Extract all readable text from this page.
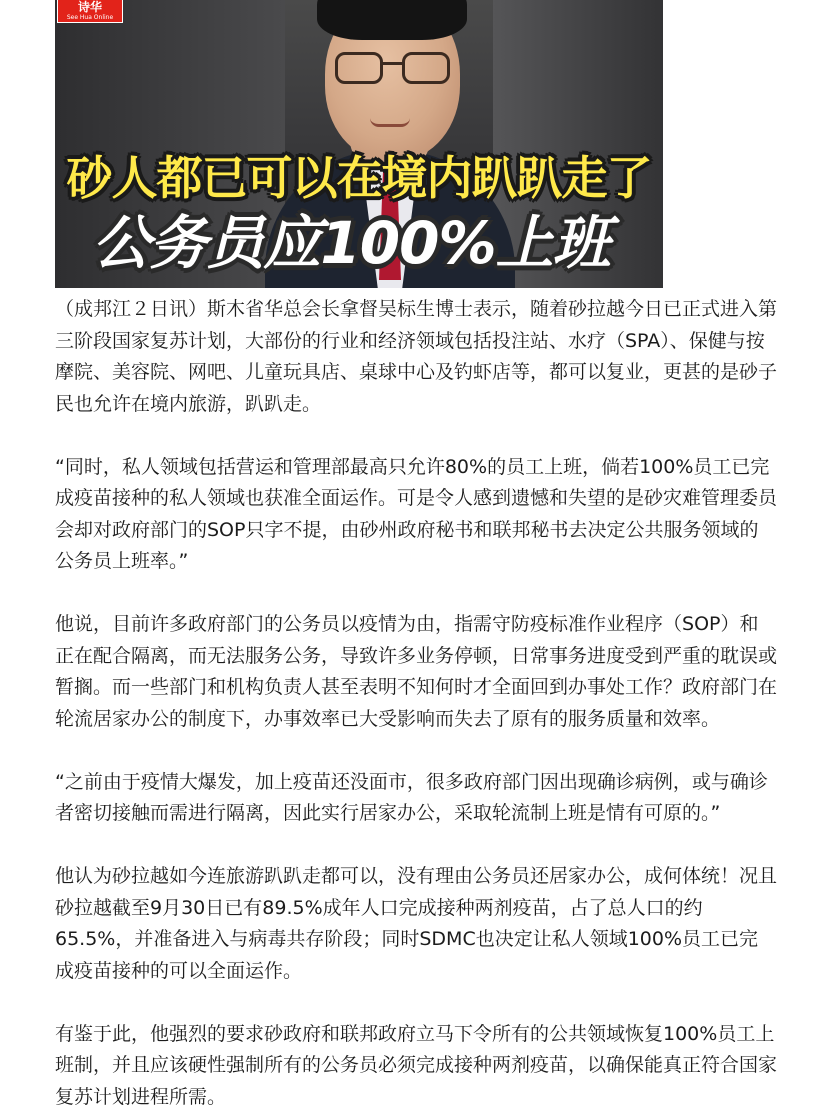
诗华
See Hua Online
砂人都已可以在境内趴趴走了
公务员应100%上班

（成邦江２日讯）斯木省华总会长拿督吴标生博士表示，随着砂拉越今日已正式进入第三阶段国家复苏计划，大部份的行业和经济领域包括投注站、水疗（SPA）、保健与按摩院、美容院、网吧、儿童玩具店、桌球中心及钓虾店等，都可以复业，更甚的是砂子民也允许在境内旅游，趴趴走。

“同时，私人领域包括营运和管理部最高只允许80%的员工上班，倘若100%员工已完成疫苗接种的私人领域也获准全面运作。可是令人感到遗憾和失望的是砂灾难管理委员会却对政府部门的SOP只字不提，由砂州政府秘书和联邦秘书去决定公共服务领域的公务员上班率。”

他说，目前许多政府部门的公务员以疫情为由，指需守防疫标准作业程序（SOP）和正在配合隔离，而无法服务公务，导致许多业务停顿，日常事务进度受到严重的耽误或暂搁。而一些部门和机构负责人甚至表明不知何时才全面回到办事处工作？政府部门在轮流居家办公的制度下，办事效率已大受影响而失去了原有的服务质量和效率。

“之前由于疫情大爆发，加上疫苗还没面市，很多政府部门因出现确诊病例，或与确诊者密切接触而需进行隔离，因此实行居家办公，采取轮流制上班是情有可原的。”

他认为砂拉越如今连旅游趴趴走都可以，没有理由公务员还居家办公，成何体统！况且砂拉越截至9月30日已有89.5%成年人口完成接种两剂疫苗，占了总人口的约65.5%，并准备进入与病毒共存阶段；同时SDMC也决定让私人领域100%员工已完成疫苗接种的可以全面运作。

有鉴于此，他强烈的要求砂政府和联邦政府立马下令所有的公共领域恢复100%员工上班制，并且应该硬性强制所有的公务员必须完成接种两剂疫苗，以确保能真正符合国家复苏计划进程所需。
